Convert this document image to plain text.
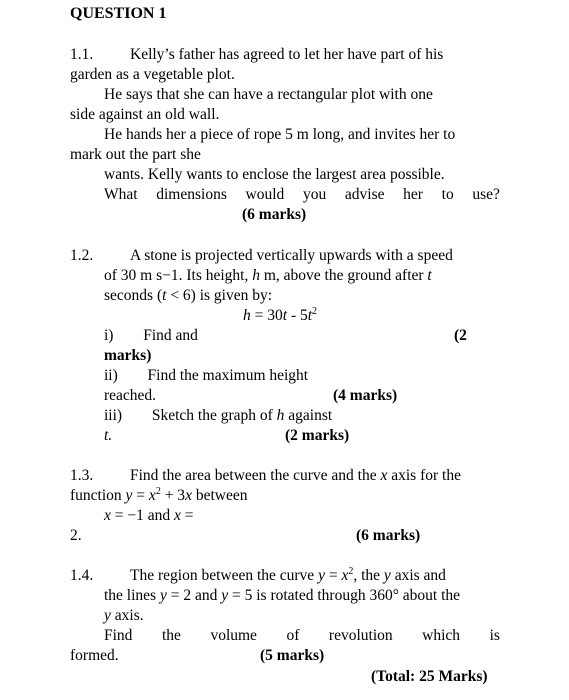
QUESTION 1
1.1. Kelly’s father has agreed to let her have part of his
garden as a vegetable plot.
He says that she can have a rectangular plot with one
side against an old wall.
He hands her a piece of rope 5 m long, and invites her to
mark out the part she
wants. Kelly wants to enclose the largest area possible.
What dimensions would you advise her to use?
(6 marks)
1.2. A stone is projected vertically upwards with a speed
of 30 m s−1. Its height, h m, above the ground after t
seconds (t < 6) is given by:
$h = 30t - 5t^2$
i) Find and	(2
marks)
ii) Find the maximum height
reached.	(4 marks)
iii) Sketch the graph of h against
t.	(2 marks)
1.3. Find the area between the curve and the x axis for the
function $y = x^2 + 3x$ between
x = −1 and x =
2.	(6 marks)
1.4. The region between the curve $y = x^2$, the y axis and
the lines y = 2 and y = 5 is rotated through 360° about the
y axis.
Find the volume of revolution which is
formed.	(5 marks)
(Total: 25 Marks)
